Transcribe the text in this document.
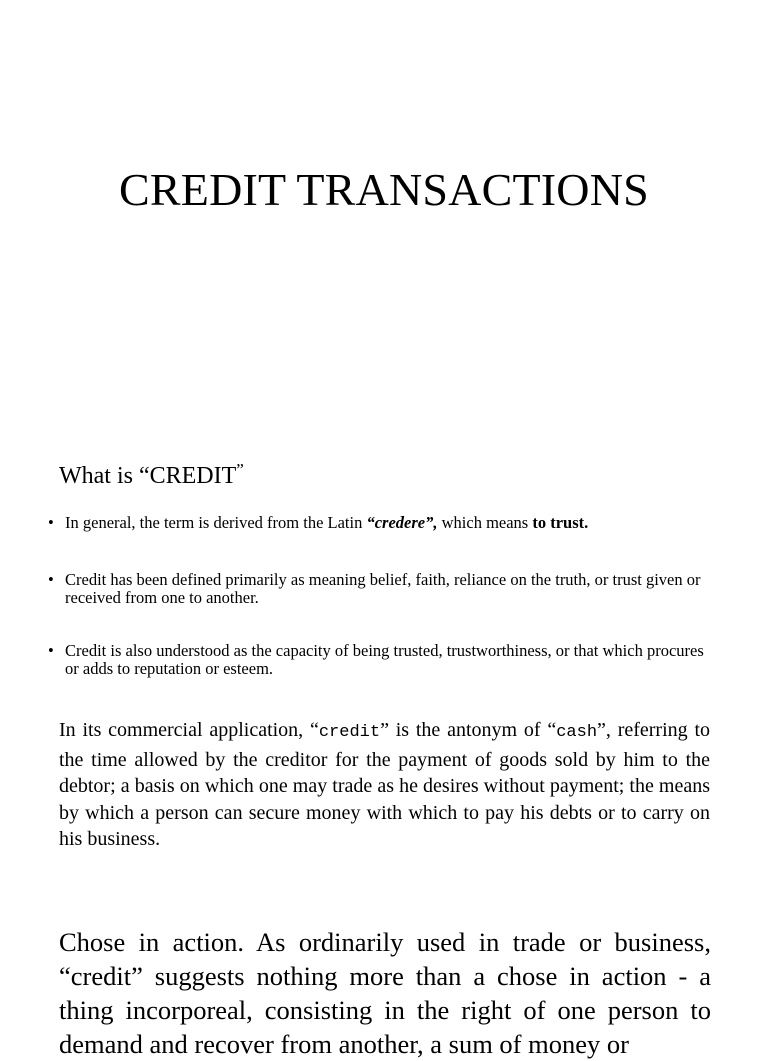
CREDIT TRANSACTIONS
What is “CREDIT”
• In general, the term is derived from the Latin “credere”, which means to trust.
• Credit has been defined primarily as meaning belief, faith, reliance on the truth, or trust given or received from one to another.
• Credit is also understood as the capacity of being trusted, trustworthiness, or that which procures or adds to reputation or esteem.

In its commercial application, “credit” is the antonym of “cash”, referring to the time allowed by the creditor for the payment of goods sold by him to the debtor; a basis on which one may trade as he desires without payment; the means by which a person can secure money with which to pay his debts or to carry on his business.

Chose in action. As ordinarily used in trade or business, “credit” suggests nothing more than a chose in action - a thing incorporeal, consisting in the right of one person to demand and recover from another, a sum of money or
